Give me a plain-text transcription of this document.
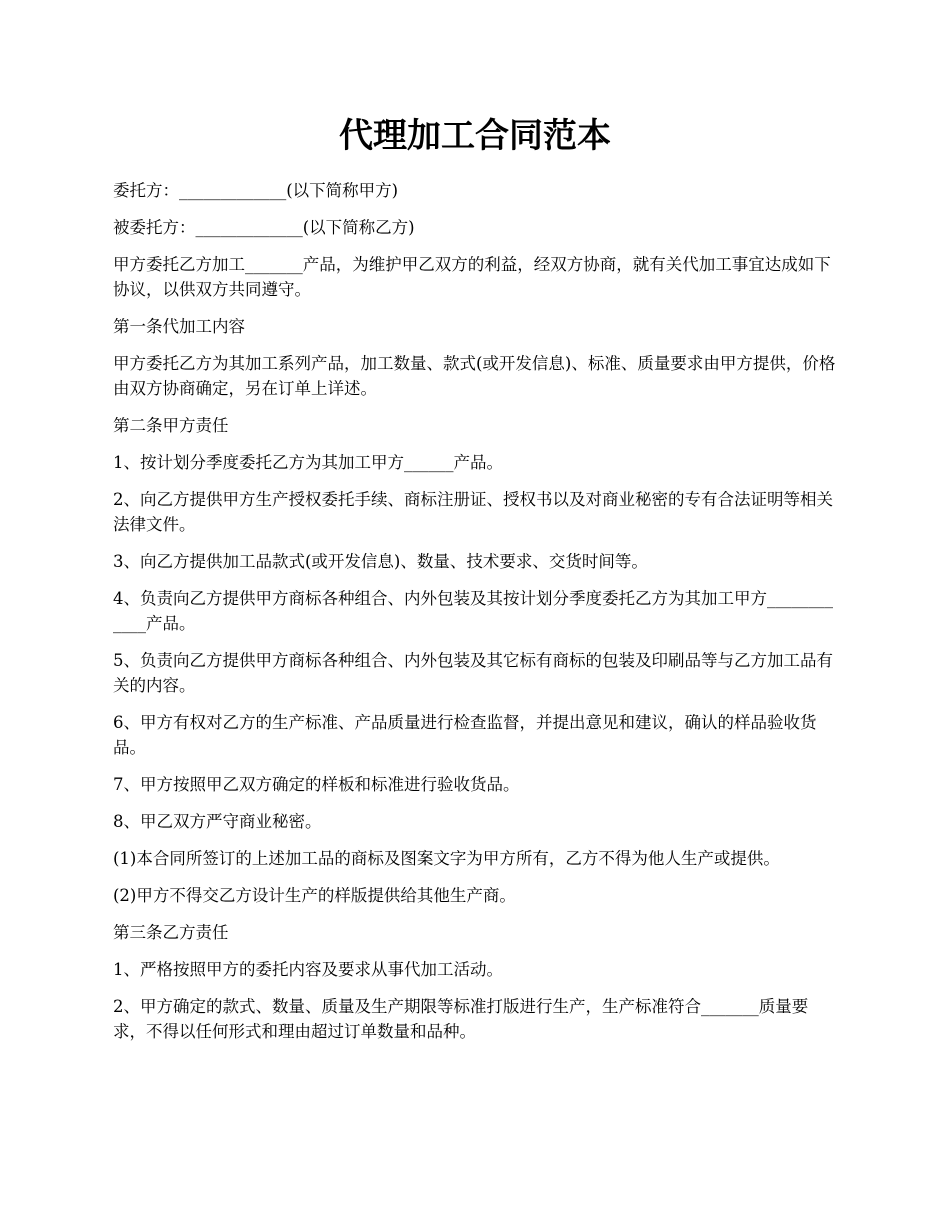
代理加工合同范本

委托方：_____________(以下简称甲方)

被委托方：_____________(以下简称乙方)

甲方委托乙方加工_______产品，为维护甲乙双方的利益，经双方协商，就有关代加工事宜达成如下协议，以供双方共同遵守。

第一条代加工内容

甲方委托乙方为其加工系列产品，加工数量、款式(或开发信息)、标准、质量要求由甲方提供，价格由双方协商确定，另在订单上详述。

第二条甲方责任

1、按计划分季度委托乙方为其加工甲方______产品。

2、向乙方提供甲方生产授权委托手续、商标注册证、授权书以及对商业秘密的专有合法证明等相关法律文件。

3、向乙方提供加工品款式(或开发信息)、数量、技术要求、交货时间等。

4、负责向乙方提供甲方商标各种组合、内外包装及其按计划分季度委托乙方为其加工甲方____________产品。

5、负责向乙方提供甲方商标各种组合、内外包装及其它标有商标的包装及印刷品等与乙方加工品有关的内容。

6、甲方有权对乙方的生产标准、产品质量进行检查监督，并提出意见和建议，确认的样品验收货品。

7、甲方按照甲乙双方确定的样板和标准进行验收货品。

8、甲乙双方严守商业秘密。

(1)本合同所签订的上述加工品的商标及图案文字为甲方所有，乙方不得为他人生产或提供。

(2)甲方不得交乙方设计生产的样版提供给其他生产商。

第三条乙方责任

1、严格按照甲方的委托内容及要求从事代加工活动。

2、甲方确定的款式、数量、质量及生产期限等标准打版进行生产，生产标准符合_______质量要求，不得以任何形式和理由超过订单数量和品种。
